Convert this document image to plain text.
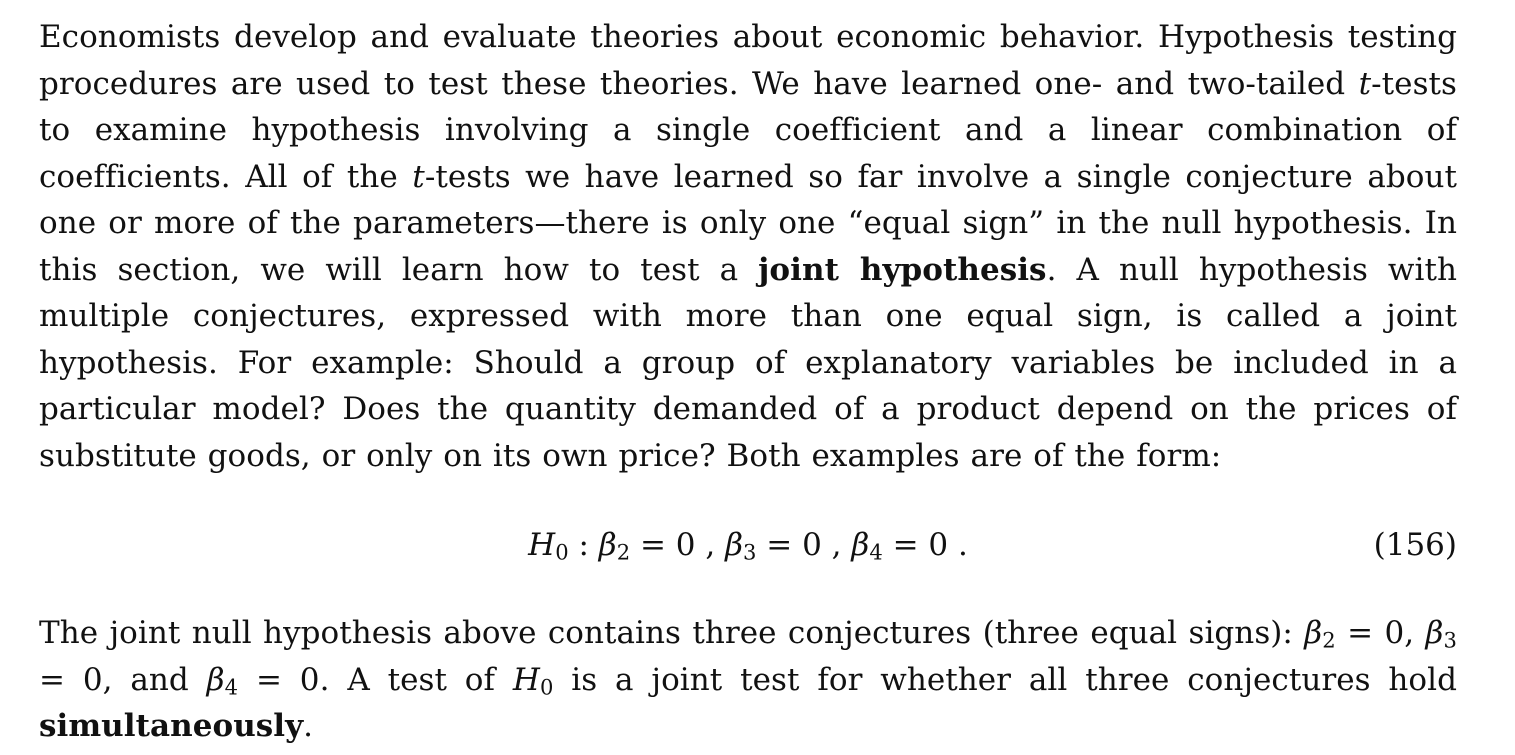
Economists develop and evaluate theories about economic behavior. Hypothesis testing procedures are used to test these theories. We have learned one- and two-tailed t-tests to examine hypothesis involving a single coefficient and a linear combination of coefficients. All of the t-tests we have learned so far involve a single conjecture about one or more of the parameters—there is only one “equal sign” in the null hypothesis. In this section, we will learn how to test a joint hypothesis. A null hypothesis with multiple conjectures, expressed with more than one equal sign, is called a joint hypothesis. For example: Should a group of explanatory variables be included in a particular model? Does the quantity demanded of a product depend on the prices of substitute goods, or only on its own price? Both examples are of the form:

$H_0$ : $\beta_2 = 0$ , $\beta_3 = 0$ , $\beta_4 = 0$ .	(156)

The joint null hypothesis above contains three conjectures (three equal signs): $\beta_2 = 0$, $\beta_3 = 0$, and $\beta_4 = 0$. A test of $H_0$ is a joint test for whether all three conjectures hold simultaneously.
